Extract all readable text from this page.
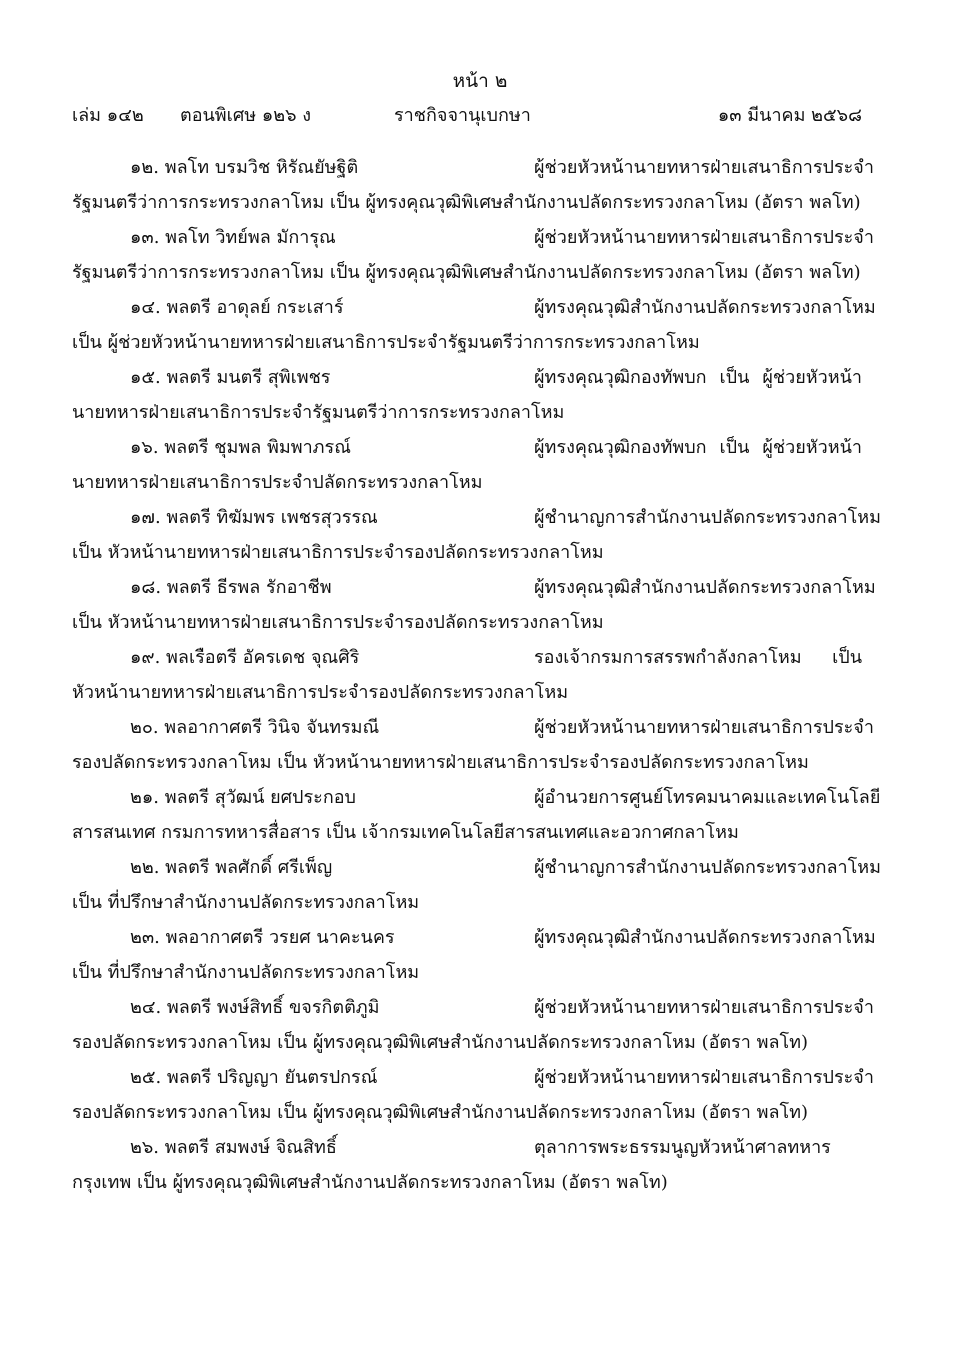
หน้า ๒
เล่ม ๑๔๒ ตอนพิเศษ ๑๒๖ ง	ราชกิจจานุเบกษา	๑๓ มีนาคม ๒๕๖๘
๑๒. พลโท บรมวิช หิรัณยัษฐิติ	ผู้ช่วยหัวหน้านายทหารฝ่ายเสนาธิการประจำ
รัฐมนตรีว่าการกระทรวงกลาโหม เป็น ผู้ทรงคุณวุฒิพิเศษสำนักงานปลัดกระทรวงกลาโหม (อัตรา พลโท)
๑๓. พลโท วิทย์พล มัการุณ	ผู้ช่วยหัวหน้านายทหารฝ่ายเสนาธิการประจำ
รัฐมนตรีว่าการกระทรวงกลาโหม เป็น ผู้ทรงคุณวุฒิพิเศษสำนักงานปลัดกระทรวงกลาโหม (อัตรา พลโท)
๑๔. พลตรี อาดุลย์ กระเสาร์	ผู้ทรงคุณวุฒิสำนักงานปลัดกระทรวงกลาโหม
เป็น ผู้ช่วยหัวหน้านายทหารฝ่ายเสนาธิการประจำรัฐมนตรีว่าการกระทรวงกลาโหม
๑๕. พลตรี มนตรี สุพิเพชร	ผู้ทรงคุณวุฒิกองทัพบก เป็น ผู้ช่วยหัวหน้า
นายทหารฝ่ายเสนาธิการประจำรัฐมนตรีว่าการกระทรวงกลาโหม
๑๖. พลตรี ชุมพล พิมพาภรณ์	ผู้ทรงคุณวุฒิกองทัพบก เป็น ผู้ช่วยหัวหน้า
นายทหารฝ่ายเสนาธิการประจำปลัดกระทรวงกลาโหม
๑๗. พลตรี ทิฆัมพร เพชรสุวรรณ	ผู้ชำนาญการสำนักงานปลัดกระทรวงกลาโหม
เป็น หัวหน้านายทหารฝ่ายเสนาธิการประจำรองปลัดกระทรวงกลาโหม
๑๘. พลตรี ธีรพล รักอาชีพ	ผู้ทรงคุณวุฒิสำนักงานปลัดกระทรวงกลาโหม
เป็น หัวหน้านายทหารฝ่ายเสนาธิการประจำรองปลัดกระทรวงกลาโหม
๑๙. พลเรือตรี อัครเดช จุณศิริ	รองเจ้ากรมการสรรพกำลังกลาโหม เป็น
หัวหน้านายทหารฝ่ายเสนาธิการประจำรองปลัดกระทรวงกลาโหม
๒๐. พลอากาศตรี วินิจ จันทรมณี	ผู้ช่วยหัวหน้านายทหารฝ่ายเสนาธิการประจำ
รองปลัดกระทรวงกลาโหม เป็น หัวหน้านายทหารฝ่ายเสนาธิการประจำรองปลัดกระทรวงกลาโหม
๒๑. พลตรี สุวัฒน์ ยศประกอบ	ผู้อำนวยการศูนย์โทรคมนาคมและเทคโนโลยี
สารสนเทศ กรมการทหารสื่อสาร เป็น เจ้ากรมเทคโนโลยีสารสนเทศและอวกาศกลาโหม
๒๒. พลตรี พลศักดิ์ ศรีเพ็ญ	ผู้ชำนาญการสำนักงานปลัดกระทรวงกลาโหม
เป็น ที่ปรึกษาสำนักงานปลัดกระทรวงกลาโหม
๒๓. พลอากาศตรี วรยศ นาคะนคร	ผู้ทรงคุณวุฒิสำนักงานปลัดกระทรวงกลาโหม
เป็น ที่ปรึกษาสำนักงานปลัดกระทรวงกลาโหม
๒๔. พลตรี พงษ์สิทธิ์ ขจรกิตติภูมิ	ผู้ช่วยหัวหน้านายทหารฝ่ายเสนาธิการประจำ
รองปลัดกระทรวงกลาโหม เป็น ผู้ทรงคุณวุฒิพิเศษสำนักงานปลัดกระทรวงกลาโหม (อัตรา พลโท)
๒๕. พลตรี ปริญญา ยันตรปกรณ์	ผู้ช่วยหัวหน้านายทหารฝ่ายเสนาธิการประจำ
รองปลัดกระทรวงกลาโหม เป็น ผู้ทรงคุณวุฒิพิเศษสำนักงานปลัดกระทรวงกลาโหม (อัตรา พลโท)
๒๖. พลตรี สมพงษ์ จิณสิทธิ์	ตุลาการพระธรรมนูญหัวหน้าศาลทหาร
กรุงเทพ เป็น ผู้ทรงคุณวุฒิพิเศษสำนักงานปลัดกระทรวงกลาโหม (อัตรา พลโท)
